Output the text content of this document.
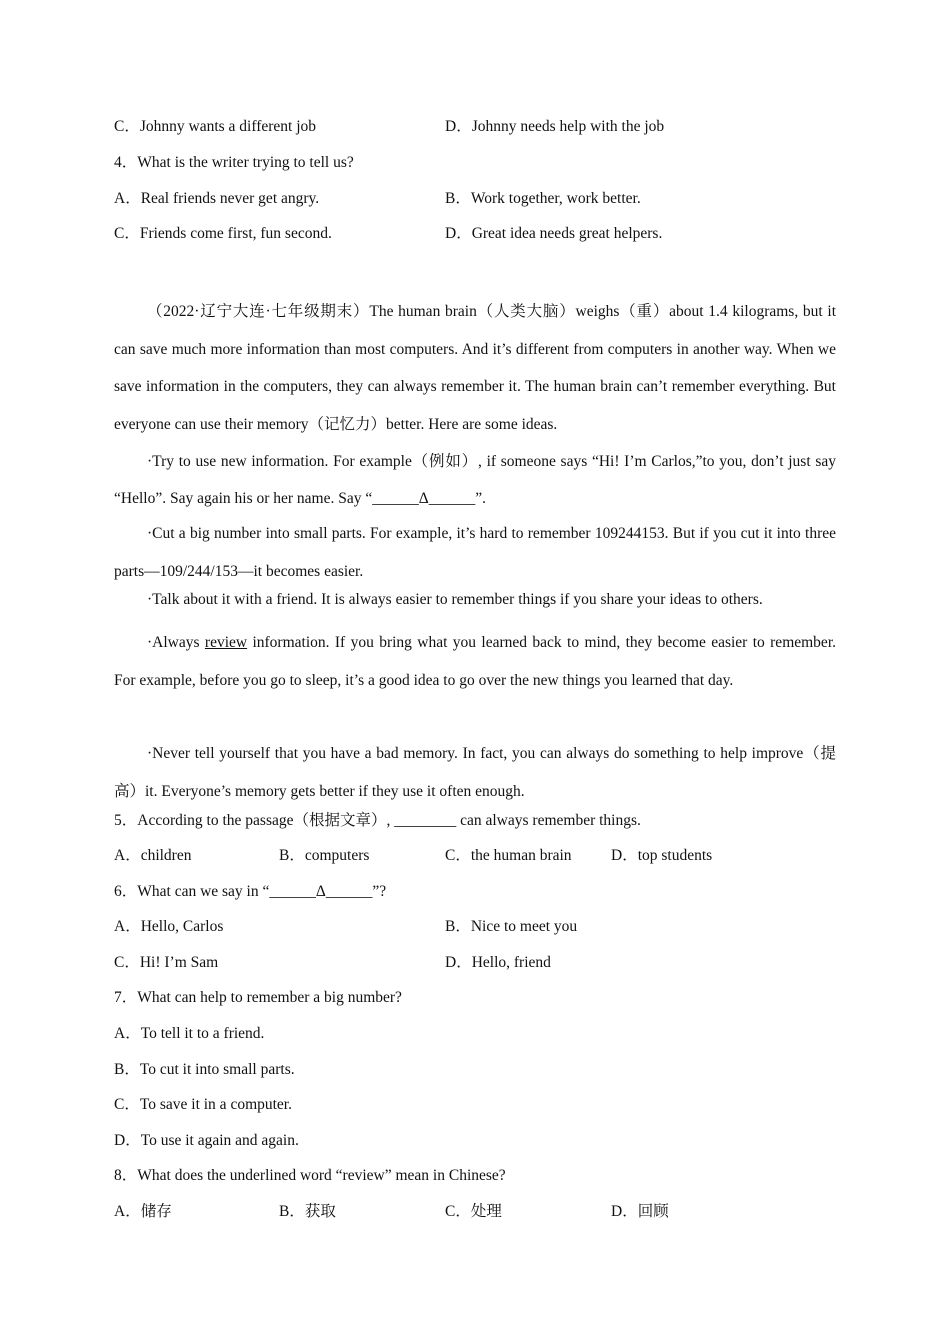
C．Johnny wants a different job	D．Johnny needs help with the job
4．What is the writer trying to tell us?
A．Real friends never get angry.	B．Work together, work better.
C．Friends come first, fun second.	D．Great idea needs great helpers.
（2022·辽宁大连·七年级期末）The human brain（人类大脑）weighs（重）about 1.4 kilograms, but it can save much more information than most computers. And it’s different from computers in another way. When we save information in the computers, they can always remember it. The human brain can’t remember everything. But everyone can use their memory（记忆力）better. Here are some ideas.
·Try to use new information. For example（例如）, if someone says “Hi! I’m Carlos,”to you, don’t just say “Hello”. Say again his or her name. Say “______Δ______”.
·Cut a big number into small parts. For example, it’s hard to remember 109244153. But if you cut it into three parts—109/244/153—it becomes easier.
·Talk about it with a friend. It is always easier to remember things if you share your ideas to others.
·Always review information. If you bring what you learned back to mind, they become easier to remember. For example, before you go to sleep, it’s a good idea to go over the new things you learned that day.
·Never tell yourself that you have a bad memory. In fact, you can always do something to help improve（提高）it. Everyone’s memory gets better if they use it often enough.
5．According to the passage（根据文章）, ________ can always remember things.
A．children	B．computers	C．the human brain	D．top students
6．What can we say in “______Δ______”?
A．Hello, Carlos	B．Nice to meet you
C．Hi! I’m Sam	D．Hello, friend
7．What can help to remember a big number?
A．To tell it to a friend.
B．To cut it into small parts.
C．To save it in a computer.
D．To use it again and again.
8．What does the underlined word “review” mean in Chinese?
A．储存	B．获取	C．处理	D．回顾
